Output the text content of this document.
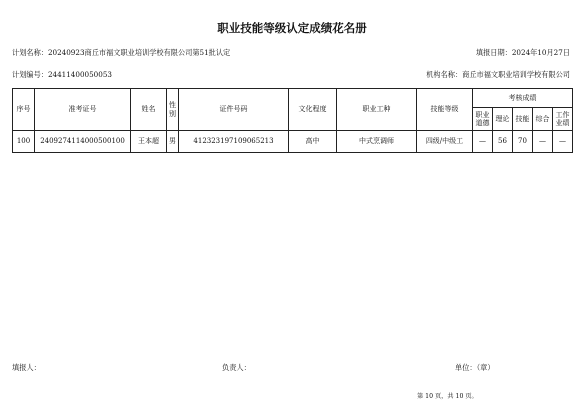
职业技能等级认定成绩花名册
计划名称：20240923商丘市福文职业培训学校有限公司第51批认定	填报日期：2024年10月27日
计划编号：24411400050053	机构名称：商丘市福文职业培训学校有限公司
序号	准考证号	姓名	性别	证件号码	文化程度	职业工种	技能等级	考核成绩				
								职业道德	理论	技能	综合	工作业绩
100	2409274114000500100	王本超	男	412323197109065213	高中	中式烹调师	四级/中级工	—	56	70	—	—
填报人：	负责人：	单位：（章）
第 10 页，共 10 页。
